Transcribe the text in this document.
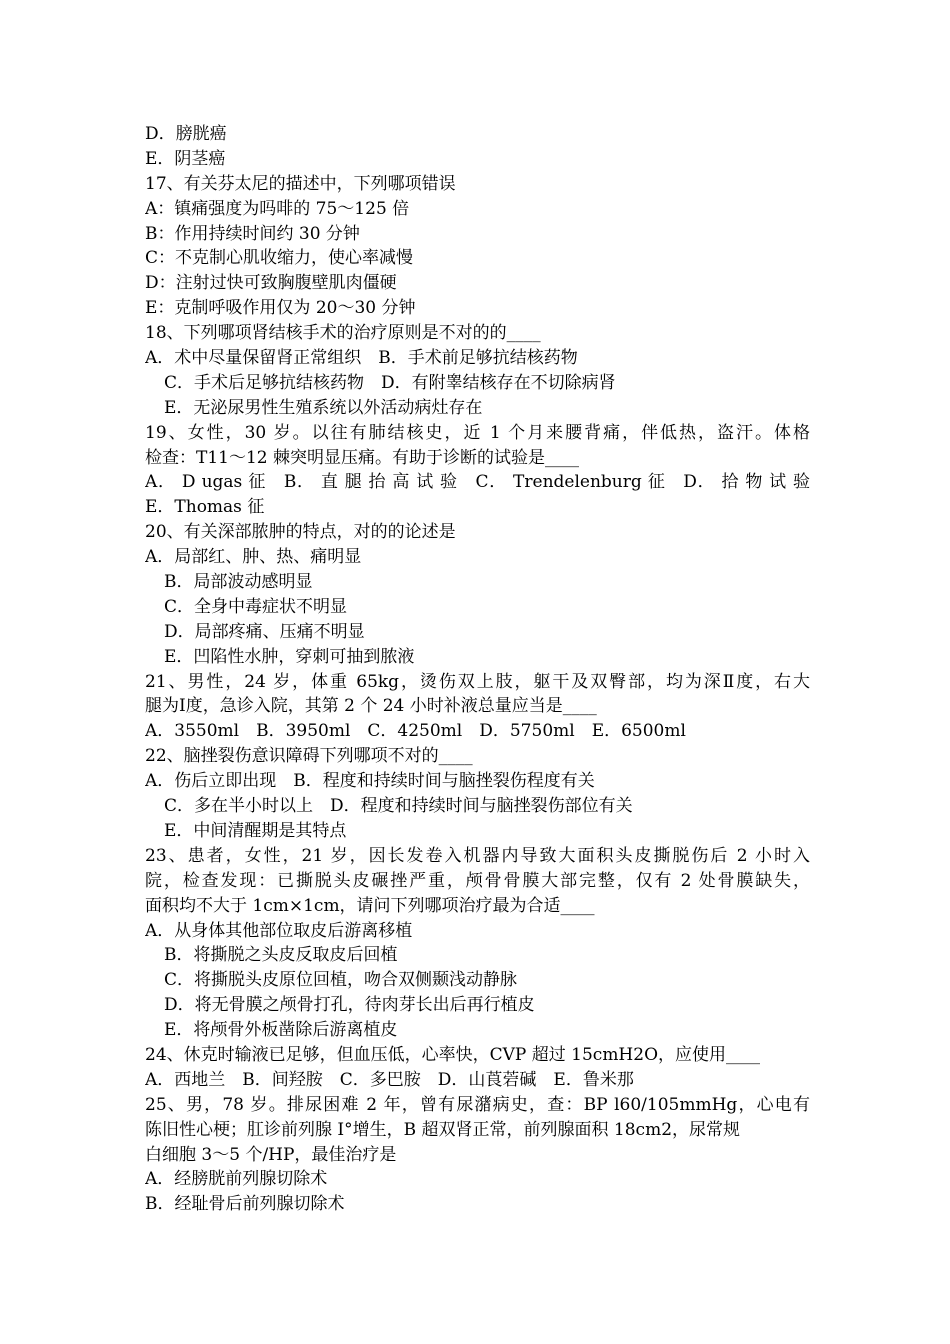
D．膀胱癌
E．阴茎癌
17、有关芬太尼的描述中，下列哪项错误
A：镇痛强度为吗啡的 75～125 倍
B：作用持续时间约 30 分钟
C：不克制心肌收缩力，使心率减慢
D：注射过快可致胸腹壁肌肉僵硬
E：克制呼吸作用仅为 20～30 分钟
18、下列哪项肾结核手术的治疗原则是不对的的____
A．术中尽量保留肾正常组织　B．手术前足够抗结核药物
C．手术后足够抗结核药物　D．有附睾结核存在不切除病肾
E．无泌尿男性生殖系统以外活动病灶存在
19、女性，30 岁。以往有肺结核史，近 1 个月来腰背痛，伴低热，盗汗。体格
检查：T11～12 棘突明显压痛。有助于诊断的试验是____
A． D ugas 征　B． 直 腿 抬 高 试 验　C． Trendelenburg 征　D． 拾 物 试 验
E．Thomas 征
20、有关深部脓肿的特点，对的的论述是
A．局部红、肿、热、痛明显
B．局部波动感明显
C．全身中毒症状不明显
D．局部疼痛、压痛不明显
E．凹陷性水肿，穿刺可抽到脓液
21、男性，24 岁，体重 65kg，烫伤双上肢，躯干及双臀部，均为深Ⅱ度，右大
腿为Ⅰ度，急诊入院，其第 2 个 24 小时补液总量应当是____
A．3550ml　B．3950ml　C．4250ml　D．5750ml　E．6500ml
22、脑挫裂伤意识障碍下列哪项不对的____
A．伤后立即出现　B．程度和持续时间与脑挫裂伤程度有关
C．多在半小时以上　D．程度和持续时间与脑挫裂伤部位有关
E．中间清醒期是其特点
23、患者，女性，21 岁，因长发卷入机器内导致大面积头皮撕脱伤后 2 小时入
院，检查发现：已撕脱头皮碾挫严重，颅骨骨膜大部完整，仅有 2 处骨膜缺失，
面积均不大于 1cm×1cm，请问下列哪项治疗最为合适____
A．从身体其他部位取皮后游离移植
B．将撕脱之头皮反取皮后回植
C．将撕脱头皮原位回植，吻合双侧颞浅动静脉
D．将无骨膜之颅骨打孔，待肉芽长出后再行植皮
E．将颅骨外板凿除后游离植皮
24、休克时输液已足够，但血压低，心率快，CVP 超过 15cmH2O，应使用____
A．西地兰　B．间羟胺　C．多巴胺　D．山莨菪碱　E．鲁米那
25、男，78 岁。排尿困难 2 年，曾有尿潴病史，查：BP l60/105mmHg，心电有
陈旧性心梗；肛诊前列腺 I°增生，B 超双肾正常，前列腺面积 18cm2，尿常规
白细胞 3～5 个/HP，最佳治疗是
A．经膀胱前列腺切除术
B．经耻骨后前列腺切除术
